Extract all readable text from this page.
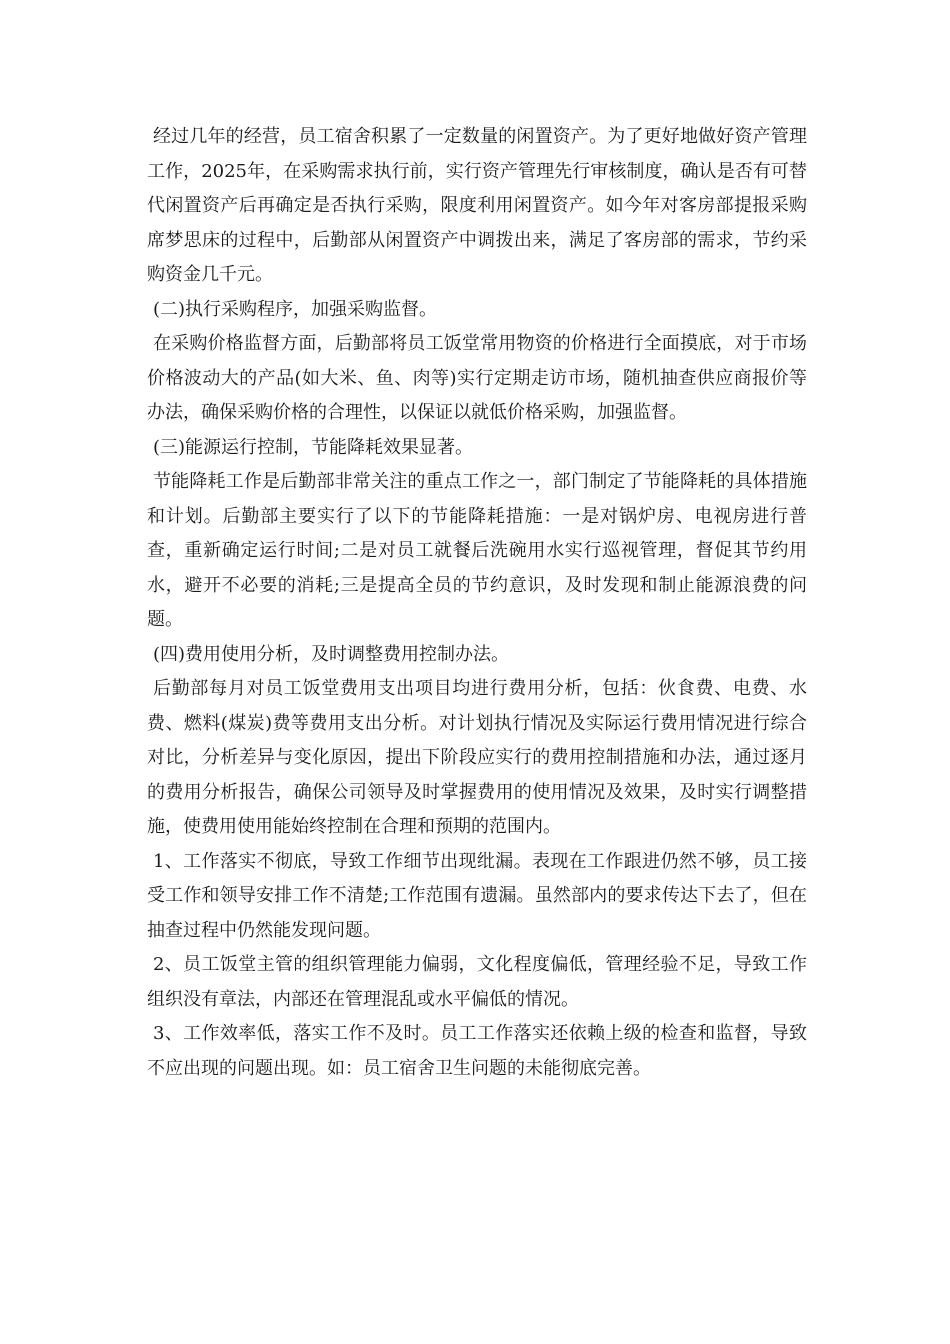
经过几年的经营，员工宿舍积累了一定数量的闲置资产。为了更好地做好资产管理工作，2025年，在采购需求执行前，实行资产管理先行审核制度，确认是否有可替代闲置资产后再确定是否执行采购，限度利用闲置资产。如今年对客房部提报采购席梦思床的过程中，后勤部从闲置资产中调拨出来，满足了客房部的需求，节约采购资金几千元。

(二)执行采购程序，加强采购监督。

在采购价格监督方面，后勤部将员工饭堂常用物资的价格进行全面摸底，对于市场价格波动大的产品(如大米、鱼、肉等)实行定期走访市场，随机抽查供应商报价等办法，确保采购价格的合理性，以保证以就低价格采购，加强监督。

(三)能源运行控制，节能降耗效果显著。

节能降耗工作是后勤部非常关注的重点工作之一，部门制定了节能降耗的具体措施和计划。后勤部主要实行了以下的节能降耗措施：一是对锅炉房、电视房进行普查，重新确定运行时间;二是对员工就餐后洗碗用水实行巡视管理，督促其节约用水，避开不必要的消耗;三是提高全员的节约意识，及时发现和制止能源浪费的问题。

(四)费用使用分析，及时调整费用控制办法。

后勤部每月对员工饭堂费用支出项目均进行费用分析，包括：伙食费、电费、水费、燃料(煤炭)费等费用支出分析。对计划执行情况及实际运行费用情况进行综合对比，分析差异与变化原因，提出下阶段应实行的费用控制措施和办法，通过逐月的费用分析报告，确保公司领导及时掌握费用的使用情况及效果，及时实行调整措施，使费用使用能始终控制在合理和预期的范围内。

1、工作落实不彻底，导致工作细节出现纰漏。表现在工作跟进仍然不够，员工接受工作和领导安排工作不清楚;工作范围有遗漏。虽然部内的要求传达下去了，但在抽查过程中仍然能发现问题。

2、员工饭堂主管的组织管理能力偏弱，文化程度偏低，管理经验不足，导致工作组织没有章法，内部还在管理混乱或水平偏低的情况。

3、工作效率低，落实工作不及时。员工工作落实还依赖上级的检查和监督，导致不应出现的问题出现。如：员工宿舍卫生问题的未能彻底完善。
